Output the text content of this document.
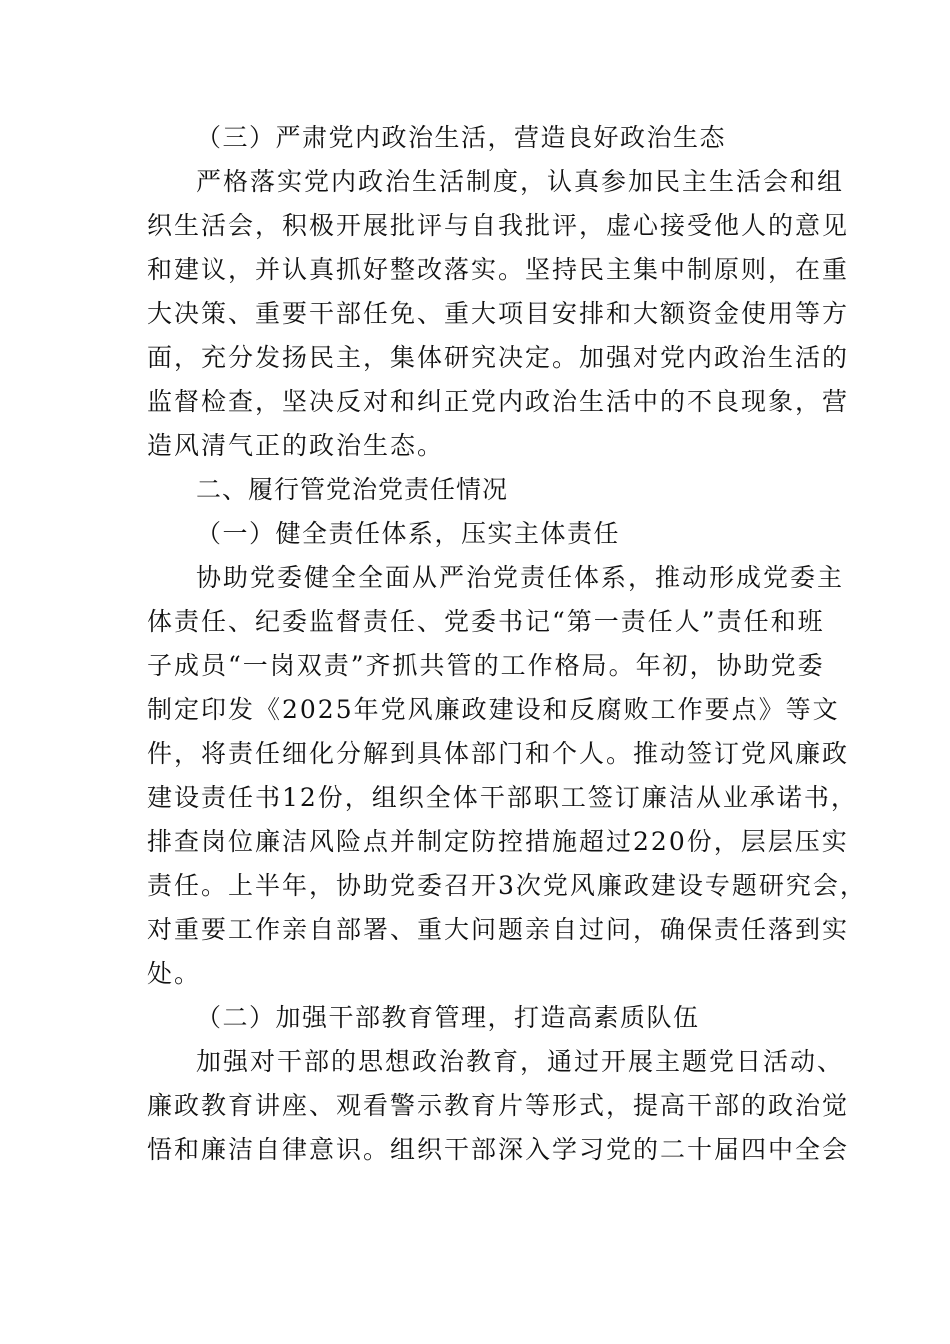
（三）严肃党内政治生活，营造良好政治生态
严格落实党内政治生活制度，认真参加民主生活会和组
织生活会，积极开展批评与自我批评，虚心接受他人的意见
和建议，并认真抓好整改落实。坚持民主集中制原则，在重
大决策、重要干部任免、重大项目安排和大额资金使用等方
面，充分发扬民主，集体研究决定。加强对党内政治生活的
监督检查，坚决反对和纠正党内政治生活中的不良现象，营
造风清气正的政治生态。
二、履行管党治党责任情况
（一）健全责任体系，压实主体责任
协助党委健全全面从严治党责任体系，推动形成党委主
体责任、纪委监督责任、党委书记“第一责任人”责任和班
子成员“一岗双责”齐抓共管的工作格局。年初，协助党委
制定印发《2025年党风廉政建设和反腐败工作要点》等文
件，将责任细化分解到具体部门和个人。推动签订党风廉政
建设责任书12份，组织全体干部职工签订廉洁从业承诺书，
排查岗位廉洁风险点并制定防控措施超过220份，层层压实
责任。上半年，协助党委召开3次党风廉政建设专题研究会，
对重要工作亲自部署、重大问题亲自过问，确保责任落到实
处。
（二）加强干部教育管理，打造高素质队伍
加强对干部的思想政治教育，通过开展主题党日活动、
廉政教育讲座、观看警示教育片等形式，提高干部的政治觉
悟和廉洁自律意识。组织干部深入学习党的二十届四中全会
